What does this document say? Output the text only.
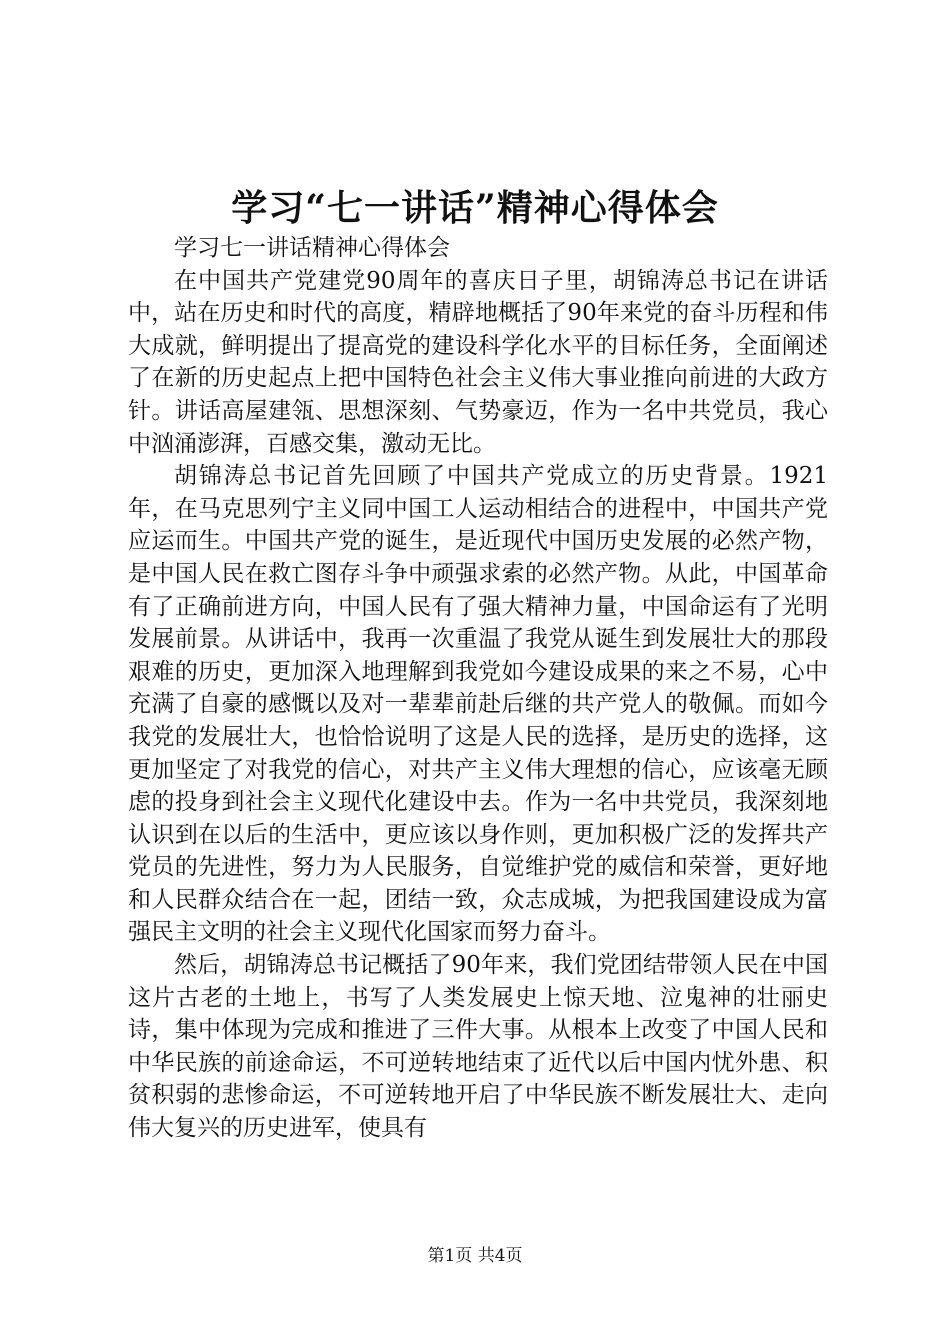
学习“七一讲话”精神心得体会

学习七一讲话精神心得体会

在中国共产党建党90周年的喜庆日子里，胡锦涛总书记在讲话中，站在历史和时代的高度，精辟地概括了90年来党的奋斗历程和伟大成就，鲜明提出了提高党的建设科学化水平的目标任务，全面阐述了在新的历史起点上把中国特色社会主义伟大事业推向前进的大政方针。讲话高屋建瓴、思想深刻、气势豪迈，作为一名中共党员，我心中汹涌澎湃，百感交集，激动无比。

胡锦涛总书记首先回顾了中国共产党成立的历史背景。1921年，在马克思列宁主义同中国工人运动相结合的进程中，中国共产党应运而生。中国共产党的诞生，是近现代中国历史发展的必然产物，是中国人民在救亡图存斗争中顽强求索的必然产物。从此，中国革命有了正确前进方向，中国人民有了强大精神力量，中国命运有了光明发展前景。从讲话中，我再一次重温了我党从诞生到发展壮大的那段艰难的历史，更加深入地理解到我党如今建设成果的来之不易，心中充满了自豪的感慨以及对一辈辈前赴后继的共产党人的敬佩。而如今我党的发展壮大，也恰恰说明了这是人民的选择，是历史的选择，这更加坚定了对我党的信心，对共产主义伟大理想的信心，应该毫无顾虑的投身到社会主义现代化建设中去。作为一名中共党员，我深刻地认识到在以后的生活中，更应该以身作则，更加积极广泛的发挥共产党员的先进性，努力为人民服务，自觉维护党的威信和荣誉，更好地和人民群众结合在一起，团结一致，众志成城，为把我国建设成为富强民主文明的社会主义现代化国家而努力奋斗。

然后，胡锦涛总书记概括了90年来，我们党团结带领人民在中国这片古老的土地上，书写了人类发展史上惊天地、泣鬼神的壮丽史诗，集中体现为完成和推进了三件大事。从根本上改变了中国人民和中华民族的前途命运，不可逆转地结束了近代以后中国内忧外患、积贫积弱的悲惨命运，不可逆转地开启了中华民族不断发展壮大、走向伟大复兴的历史进军，使具有

第1页 共4页
